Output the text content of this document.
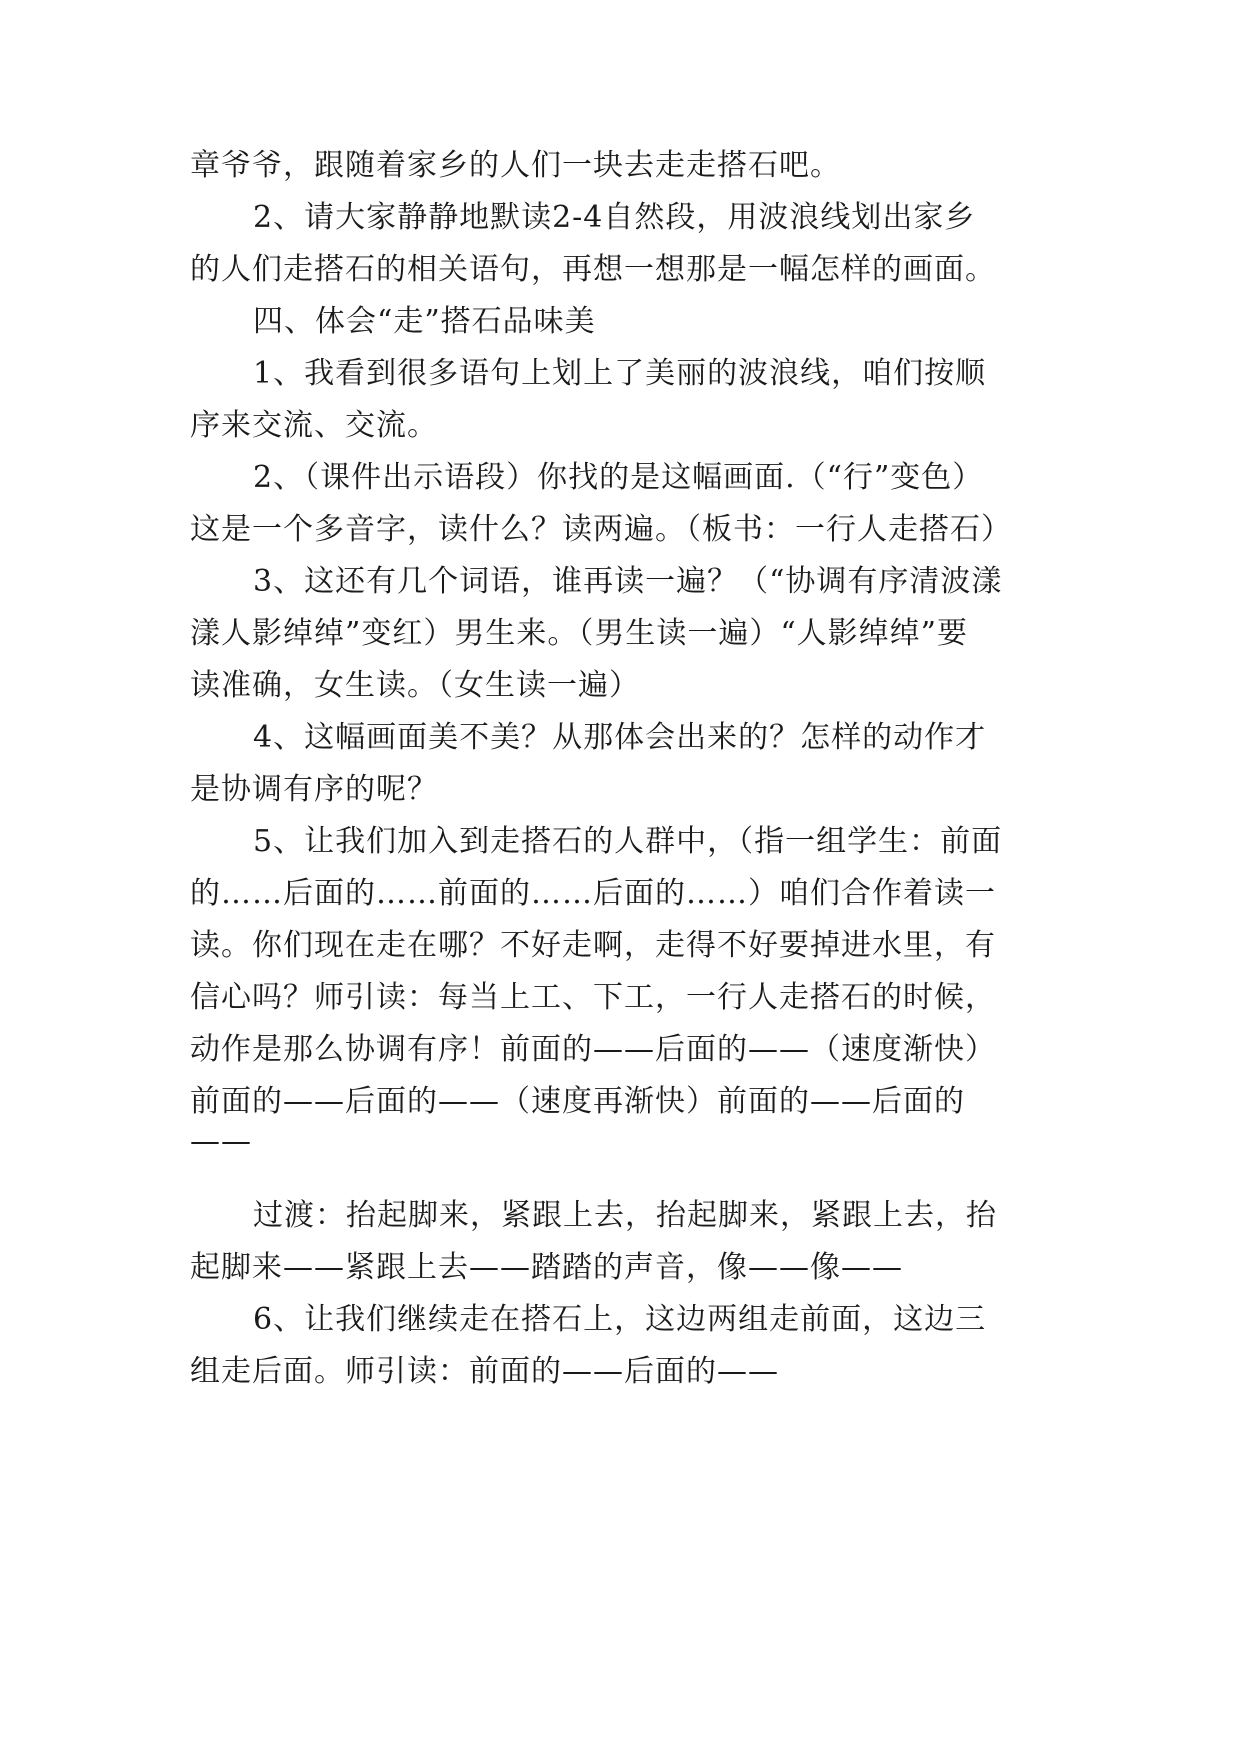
章爷爷，跟随着家乡的人们一块去走走搭石吧。
2、请大家静静地默读2-4自然段，用波浪线划出家乡
的人们走搭石的相关语句，再想一想那是一幅怎样的画面。
四、体会“走”搭石品味美
1、我看到很多语句上划上了美丽的波浪线，咱们按顺
序来交流、交流。
2、（课件出示语段）你找的是这幅画面.（“行”变色）
这是一个多音字，读什么？读两遍。（板书：一行人走搭石）
3、这还有几个词语，谁再读一遍？（“协调有序清波漾
漾人影绰绰”变红）男生来。（男生读一遍）“人影绰绰”要
读准确，女生读。（女生读一遍）
4、这幅画面美不美？从那体会出来的？怎样的动作才
是协调有序的呢？
5、让我们加入到走搭石的人群中，（指一组学生：前面
的……后面的……前面的……后面的……）咱们合作着读一
读。你们现在走在哪？不好走啊，走得不好要掉进水里，有
信心吗？师引读：每当上工、下工，一行人走搭石的时候，
动作是那么协调有序！前面的——后面的——（速度渐快）
前面的——后面的——（速度再渐快）前面的——后面的
——
过渡：抬起脚来，紧跟上去，抬起脚来，紧跟上去，抬
起脚来——紧跟上去——踏踏的声音，像——像——
6、让我们继续走在搭石上，这边两组走前面，这边三
组走后面。师引读：前面的——后面的——
